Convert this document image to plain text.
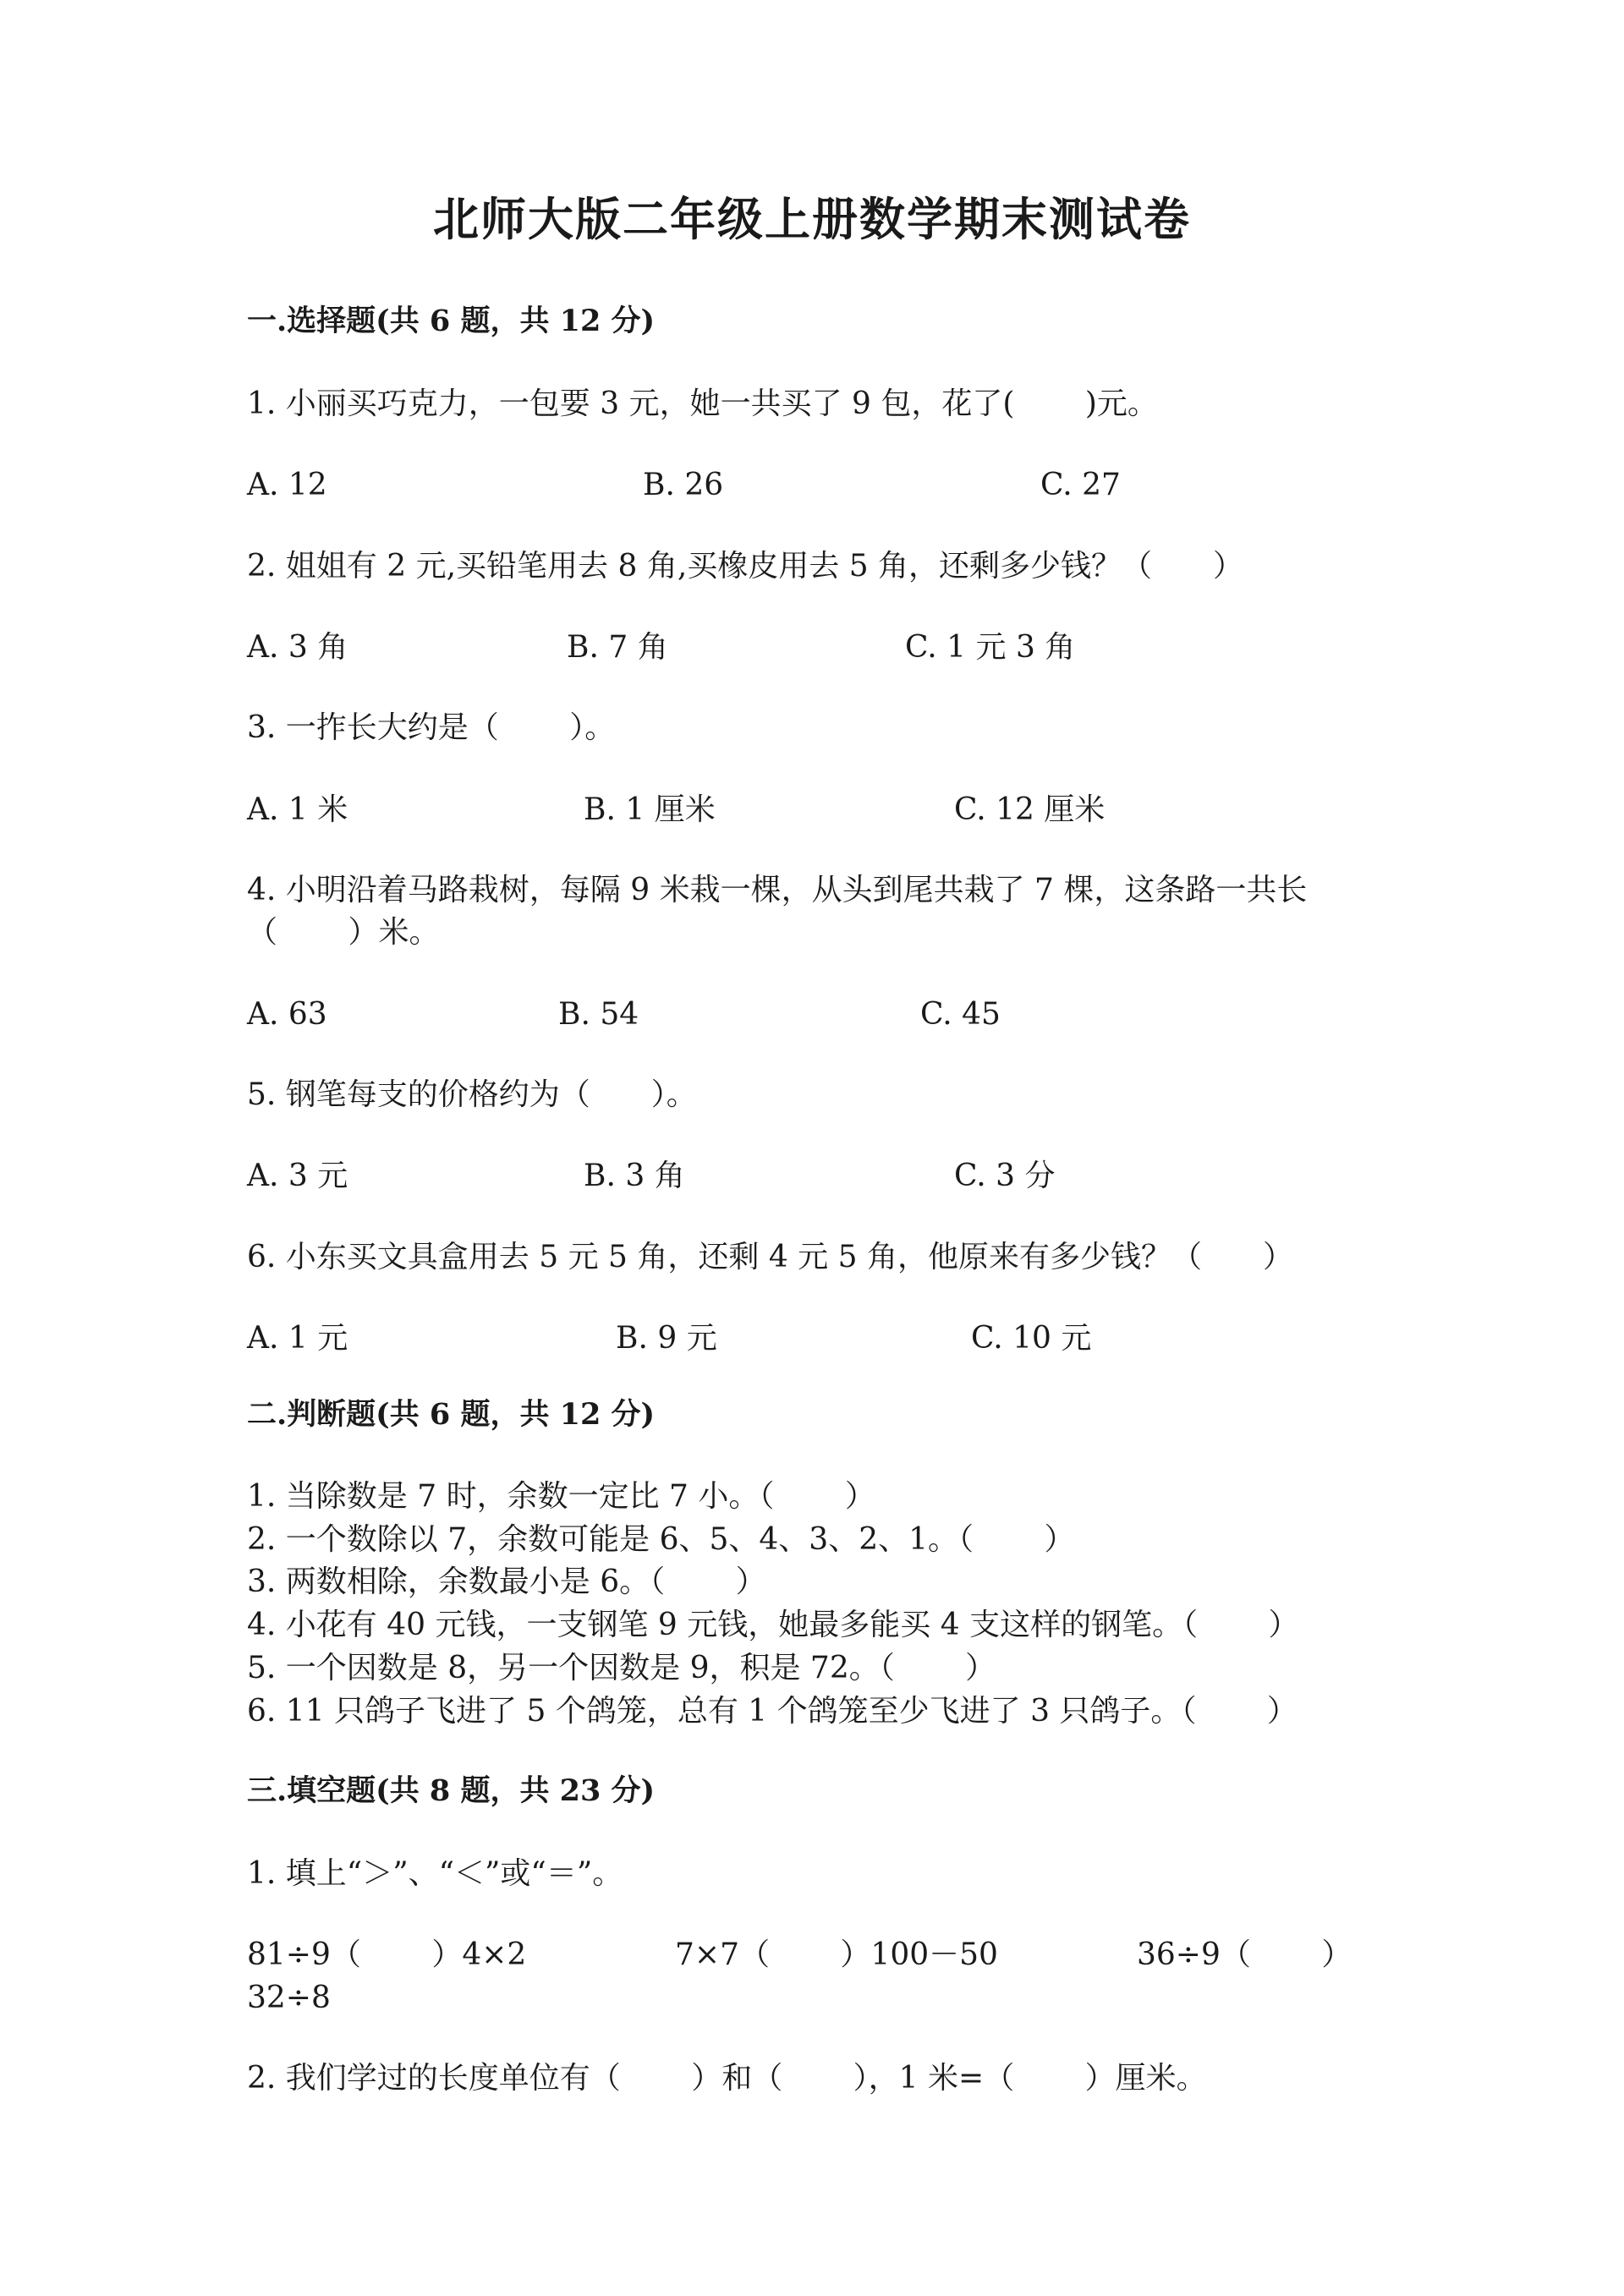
北师大版二年级上册数学期末测试卷
一.选择题(共 6 题，共 12 分)
1. 小丽买巧克力，一包要 3 元，她一共买了 9 包，花了(　　 )元。
A. 12	B. 26	C. 27
2. 姐姐有 2 元,买铅笔用去 8 角,买橡皮用去 5 角，还剩多少钱？（　　）
A. 3 角	B. 7 角	C. 1 元 3 角
3. 一拃长大约是（　　 ）。
A. 1 米	B. 1 厘米	C. 12 厘米
4. 小明沿着马路栽树，每隔 9 米栽一棵，从头到尾共栽了 7 棵，这条路一共长
（　　 ）米。
A. 63	B. 54	C. 45
5. 钢笔每支的价格约为（　　）。
A. 3 元	B. 3 角	C. 3 分
6. 小东买文具盒用去 5 元 5 角，还剩 4 元 5 角，他原来有多少钱？（　　）
A. 1 元	B. 9 元	C. 10 元
二.判断题(共 6 题，共 12 分)
1. 当除数是 7 时，余数一定比 7 小。（　　 ）
2. 一个数除以 7，余数可能是 6、5、4、3、2、1。（　　 ）
3. 两数相除，余数最小是 6。（　　 ）
4. 小花有 40 元钱，一支钢笔 9 元钱，她最多能买 4 支这样的钢笔。（　　 ）
5. 一个因数是 8，另一个因数是 9，积是 72。（　　 ）
6. 11 只鸽子飞进了 5 个鸽笼，总有 1 个鸽笼至少飞进了 3 只鸽子。（　　 ）
三.填空题(共 8 题，共 23 分)
1. 填上“＞”、“＜”或“＝”。
81÷9（　　 ）4×2	7×7（　　 ）100－50	36÷9（　　 ）
32÷8
2. 我们学过的长度单位有（　　 ）和（　　 ），1 米=（　　 ）厘米。
